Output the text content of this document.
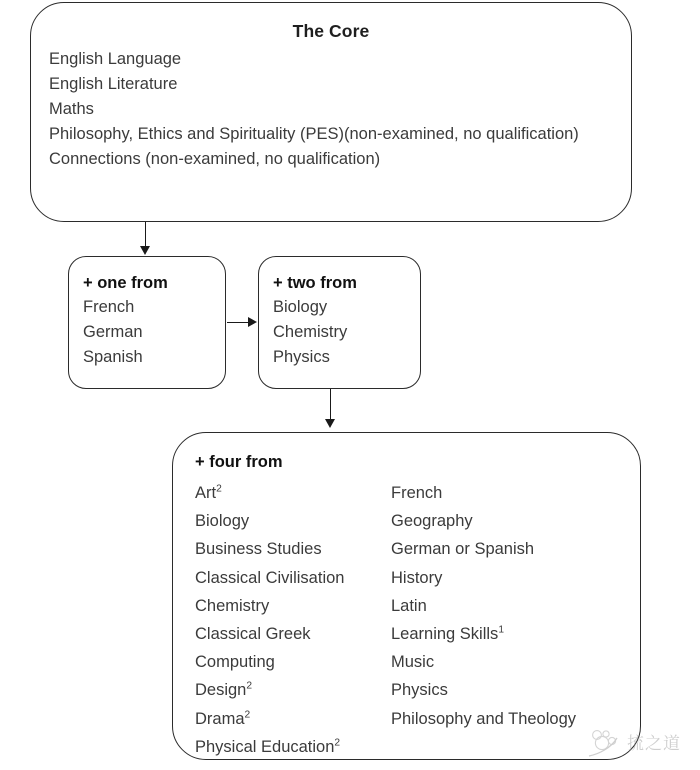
The Core
English Language
English Literature
Maths
Philosophy, Ethics and Spirituality (PES)(non-examined, no qualification)
Connections (non-examined, no qualification)
+ one from
French
German
Spanish
+ two from
Biology
Chemistry
Physics
+ four from
Art$^2$
Biology
Business Studies
Classical Civilisation
Chemistry
Classical Greek
Computing
Design$^2$
Drama$^2$
Physical Education$^2$
French
Geography
German or Spanish
History
Latin
Learning Skills$^1$
Music
Physics
Philosophy and Theology
㧧之道
